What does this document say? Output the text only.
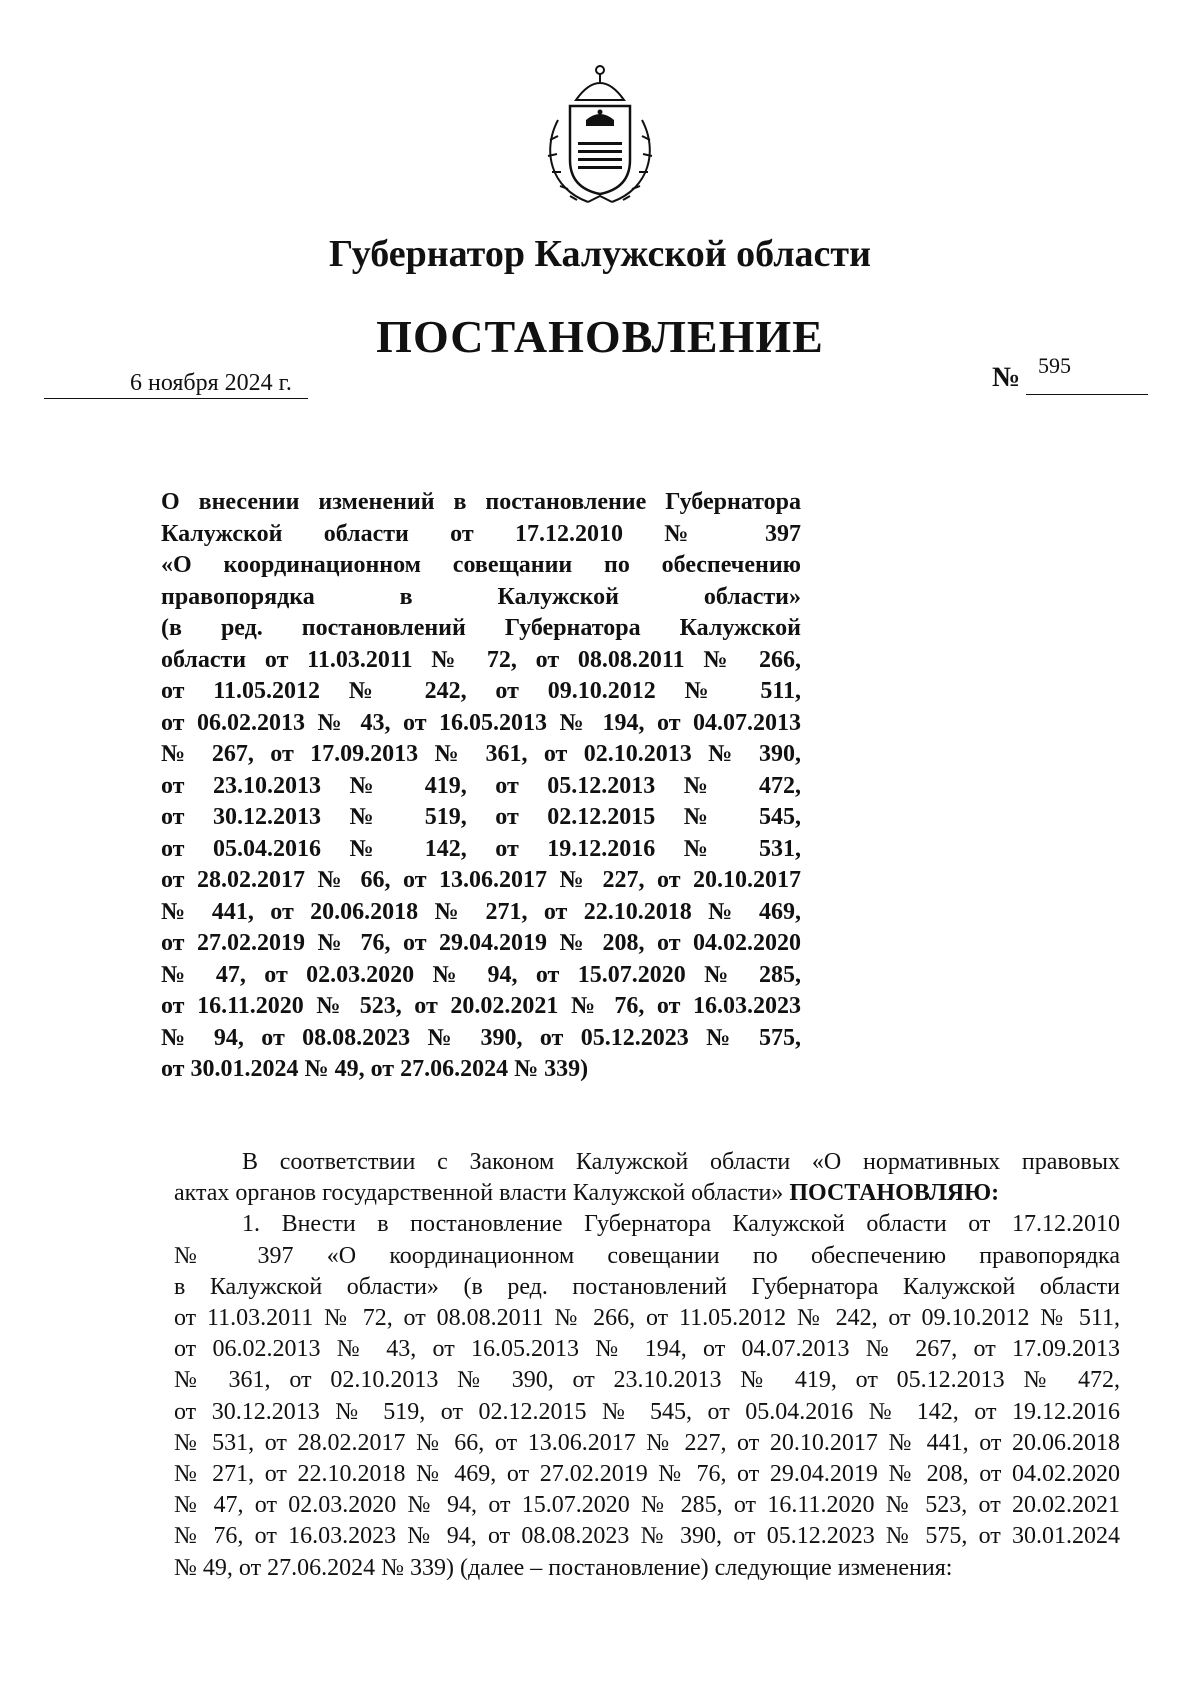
Губернатор Калужской области
ПОСТАНОВЛЕНИЕ
6 ноября 2024 г.	№ 595
О внесении изменений в постановление Губернатора
Калужской области от 17.12.2010 № 397
«О координационном совещании по обеспечению
правопорядка в Калужской области»
(в ред. постановлений Губернатора Калужской
области от 11.03.2011 № 72, от 08.08.2011 № 266,
от 11.05.2012 № 242, от 09.10.2012 № 511,
от 06.02.2013 № 43, от 16.05.2013 № 194, от 04.07.2013
№ 267, от 17.09.2013 № 361, от 02.10.2013 № 390,
от 23.10.2013 № 419, от 05.12.2013 № 472,
от 30.12.2013 № 519, от 02.12.2015 № 545,
от 05.04.2016 № 142, от 19.12.2016 № 531,
от 28.02.2017 № 66, от 13.06.2017 № 227, от 20.10.2017
№ 441, от 20.06.2018 № 271, от 22.10.2018 № 469,
от 27.02.2019 № 76, от 29.04.2019 № 208, от 04.02.2020
№ 47, от 02.03.2020 № 94, от 15.07.2020 № 285,
от 16.11.2020 № 523, от 20.02.2021 № 76, от 16.03.2023
№ 94, от 08.08.2023 № 390, от 05.12.2023 № 575,
от 30.01.2024 № 49, от 27.06.2024 № 339)
В соответствии с Законом Калужской области «О нормативных правовых
актах органов государственной власти Калужской области» ПОСТАНОВЛЯЮ:
1. Внести в постановление Губернатора Калужской области от 17.12.2010
№ 397 «О координационном совещании по обеспечению правопорядка
в Калужской области» (в ред. постановлений Губернатора Калужской области
от 11.03.2011 № 72, от 08.08.2011 № 266, от 11.05.2012 № 242, от 09.10.2012 № 511,
от 06.02.2013 № 43, от 16.05.2013 № 194, от 04.07.2013 № 267, от 17.09.2013
№ 361, от 02.10.2013 № 390, от 23.10.2013 № 419, от 05.12.2013 № 472,
от 30.12.2013 № 519, от 02.12.2015 № 545, от 05.04.2016 № 142, от 19.12.2016
№ 531, от 28.02.2017 № 66, от 13.06.2017 № 227, от 20.10.2017 № 441, от 20.06.2018
№ 271, от 22.10.2018 № 469, от 27.02.2019 № 76, от 29.04.2019 № 208, от 04.02.2020
№ 47, от 02.03.2020 № 94, от 15.07.2020 № 285, от 16.11.2020 № 523, от 20.02.2021
№ 76, от 16.03.2023 № 94, от 08.08.2023 № 390, от 05.12.2023 № 575, от 30.01.2024
№ 49, от 27.06.2024 № 339) (далее – постановление) следующие изменения:
